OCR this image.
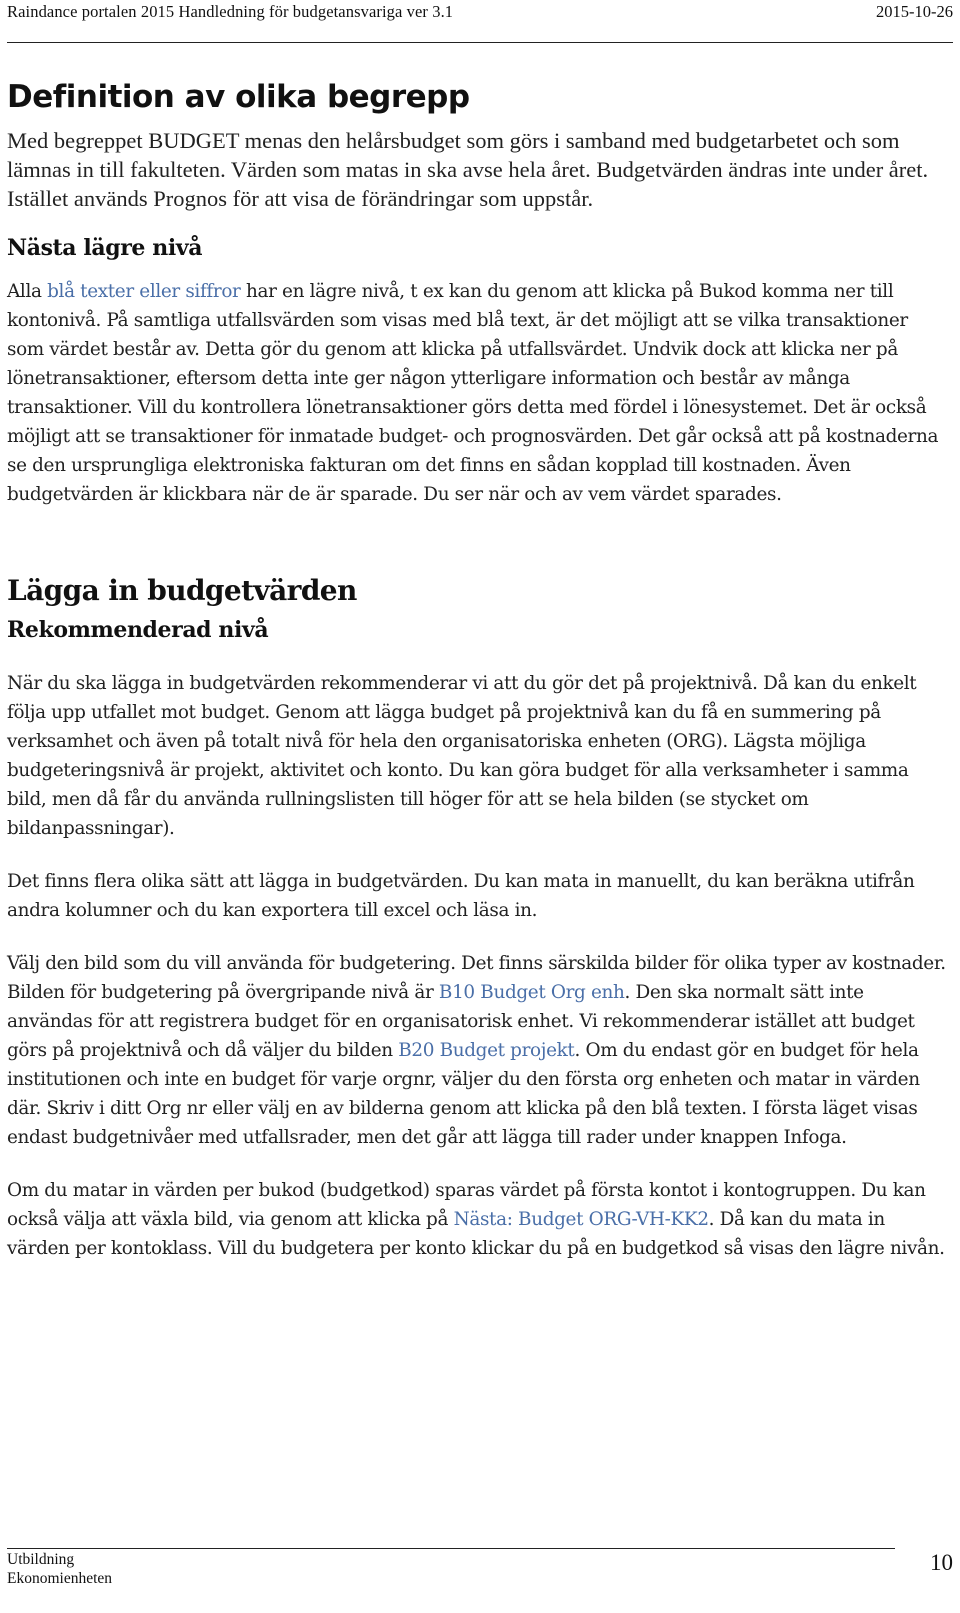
Raindance portalen 2015 Handledning för budgetansvariga ver 3.1	2015-10-26
Definition av olika begrepp

Med begreppet BUDGET menas den helårsbudget som görs i samband med budgetarbetet och som lämnas in till fakulteten. Värden som matas in ska avse hela året. Budgetvärden ändras inte under året. Istället används Prognos för att visa de förändringar som uppstår.

Nästa lägre nivå

Alla blå texter eller siffror har en lägre nivå, t ex kan du genom att klicka på Bukod komma ner till kontonivå. På samtliga utfallsvärden som visas med blå text, är det möjligt att se vilka transaktioner som värdet består av. Detta gör du genom att klicka på utfallsvärdet. Undvik dock att klicka ner på lönetransaktioner, eftersom detta inte ger någon ytterligare information och består av många transaktioner. Vill du kontrollera lönetransaktioner görs detta med fördel i lönesystemet. Det är också möjligt att se transaktioner för inmatade budget- och prognosvärden. Det går också att på kostnaderna se den ursprungliga elektroniska fakturan om det finns en sådan kopplad till kostnaden. Även budgetvärden är klickbara när de är sparade. Du ser när och av vem värdet sparades.

Lägga in budgetvärden
Rekommenderad nivå

När du ska lägga in budgetvärden rekommenderar vi att du gör det på projektnivå. Då kan du enkelt följa upp utfallet mot budget. Genom att lägga budget på projektnivå kan du få en summering på verksamhet och även på totalt nivå för hela den organisatoriska enheten (ORG). Lägsta möjliga budgeteringsnivå är projekt, aktivitet och konto. Du kan göra budget för alla verksamheter i samma bild, men då får du använda rullningslisten till höger för att se hela bilden (se stycket om bildanpassningar).

Det finns flera olika sätt att lägga in budgetvärden. Du kan mata in manuellt, du kan beräkna utifrån andra kolumner och du kan exportera till excel och läsa in.

Välj den bild som du vill använda för budgetering. Det finns särskilda bilder för olika typer av kostnader. Bilden för budgetering på övergripande nivå är B10 Budget Org enh. Den ska normalt sätt inte användas för att registrera budget för en organisatorisk enhet. Vi rekommenderar istället att budget görs på projektnivå och då väljer du bilden B20 Budget projekt. Om du endast gör en budget för hela institutionen och inte en budget för varje orgnr, väljer du den första org enheten och matar in värden där. Skriv i ditt Org nr eller välj en av bilderna genom att klicka på den blå texten. I första läget visas endast budgetnivåer med utfallsrader, men det går att lägga till rader under knappen Infoga.

Om du matar in värden per bukod (budgetkod) sparas värdet på första kontot i kontogruppen. Du kan också välja att växla bild, via genom att klicka på Nästa: Budget ORG-VH-KK2. Då kan du mata in värden per kontoklass. Vill du budgetera per konto klickar du på en budgetkod så visas den lägre nivån.

Utbildning
Ekonomienheten
10
